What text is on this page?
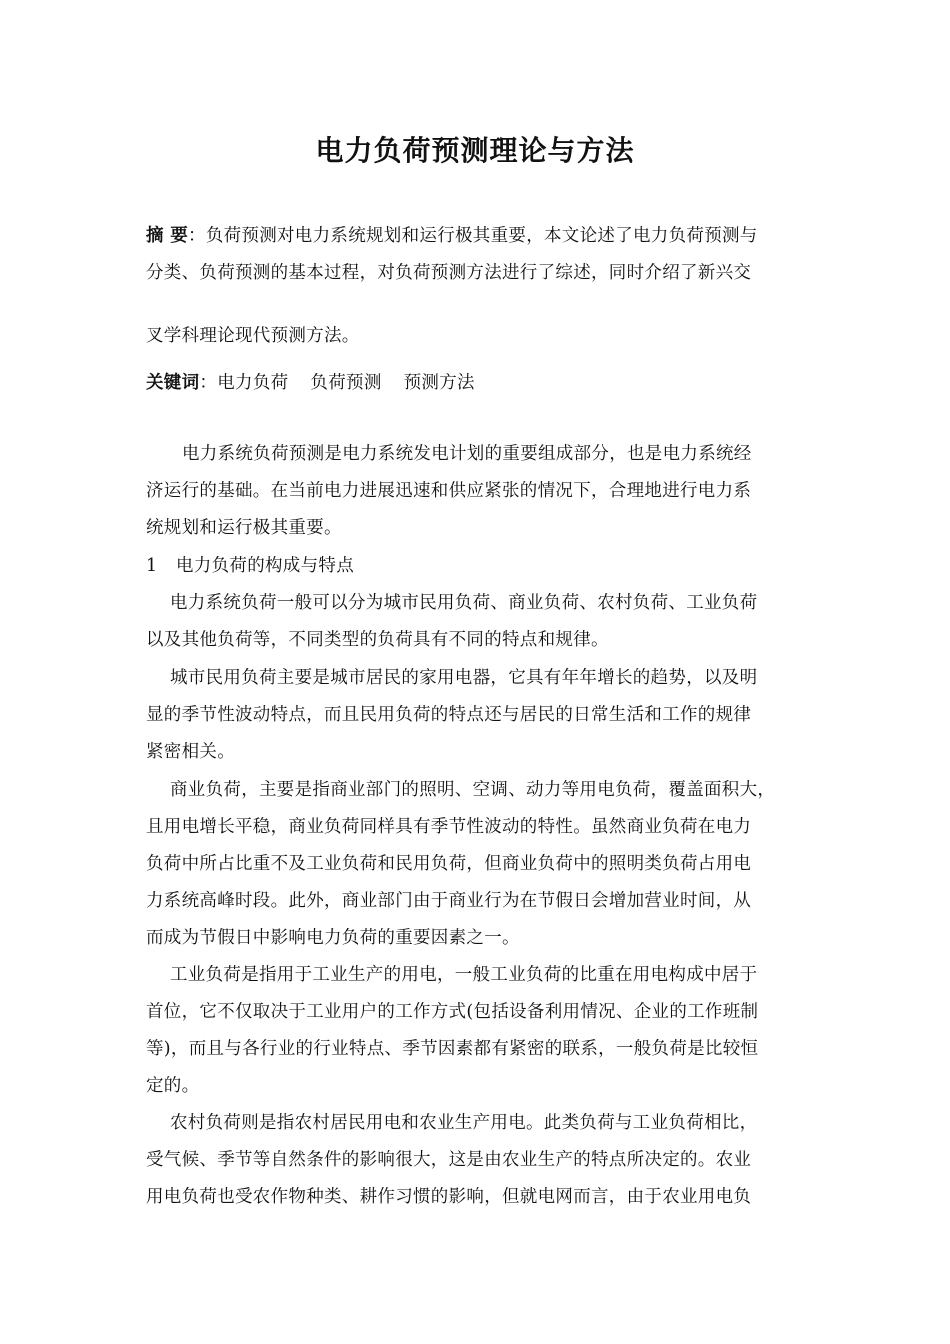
电力负荷预测理论与方法
摘 要：负荷预测对电力系统规划和运行极其重要，本文论述了电力负荷预测与
分类、负荷预测的基本过程，对负荷预测方法进行了综述，同时介绍了新兴交
叉学科理论现代预测方法。
关键词：电力负荷 负荷预测 预测方法
电力系统负荷预测是电力系统发电计划的重要组成部分，也是电力系统经
济运行的基础。在当前电力进展迅速和供应紧张的情况下，合理地进行电力系
统规划和运行极其重要。
1 电力负荷的构成与特点
电力系统负荷一般可以分为城市民用负荷、商业负荷、农村负荷、工业负荷
以及其他负荷等，不同类型的负荷具有不同的特点和规律。
城市民用负荷主要是城市居民的家用电器，它具有年年增长的趋势，以及明
显的季节性波动特点，而且民用负荷的特点还与居民的日常生活和工作的规律
紧密相关。
商业负荷，主要是指商业部门的照明、空调、动力等用电负荷，覆盖面积大，
且用电增长平稳，商业负荷同样具有季节性波动的特性。虽然商业负荷在电力
负荷中所占比重不及工业负荷和民用负荷，但商业负荷中的照明类负荷占用电
力系统高峰时段。此外，商业部门由于商业行为在节假日会增加营业时间，从
而成为节假日中影响电力负荷的重要因素之一。
工业负荷是指用于工业生产的用电，一般工业负荷的比重在用电构成中居于
首位，它不仅取决于工业用户的工作方式(包括设备利用情况、企业的工作班制
等)，而且与各行业的行业特点、季节因素都有紧密的联系，一般负荷是比较恒
定的。
农村负荷则是指农村居民用电和农业生产用电。此类负荷与工业负荷相比，
受气候、季节等自然条件的影响很大，这是由农业生产的特点所决定的。农业
用电负荷也受农作物种类、耕作习惯的影响，但就电网而言，由于农业用电负
